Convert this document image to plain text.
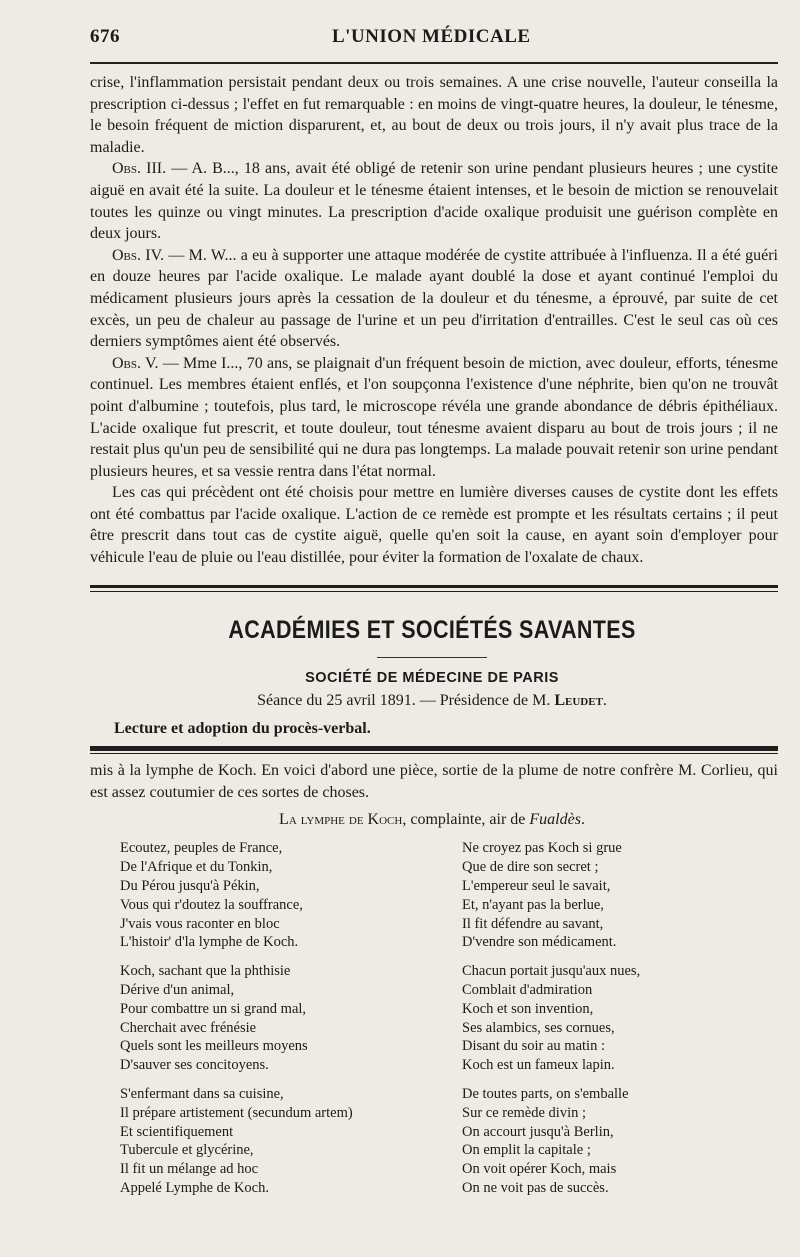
676	L'UNION MÉDICALE

crise, l'inflammation persistait pendant deux ou trois semaines. A une crise nouvelle, l'auteur conseilla la prescription ci-dessus ; l'effet en fut remarquable : en moins de vingt-quatre heures, la douleur, le ténesme, le besoin fréquent de miction disparurent, et, au bout de deux ou trois jours, il n'y avait plus trace de la maladie.

Obs. III. — A. B..., 18 ans, avait été obligé de retenir son urine pendant plusieurs heures ; une cystite aiguë en avait été la suite. La douleur et le ténesme étaient intenses, et le besoin de miction se renouvelait toutes les quinze ou vingt minutes. La prescription d'acide oxalique produisit une guérison complète en deux jours.

Obs. IV. — M. W... a eu à supporter une attaque modérée de cystite attribuée à l'influenza. Il a été guéri en douze heures par l'acide oxalique. Le malade ayant doublé la dose et ayant continué l'emploi du médicament plusieurs jours après la cessation de la douleur et du ténesme, a éprouvé, par suite de cet excès, un peu de chaleur au passage de l'urine et un peu d'irritation d'entrailles. C'est le seul cas où ces derniers symptômes aient été observés.

Obs. V. — Mme I..., 70 ans, se plaignait d'un fréquent besoin de miction, avec douleur, efforts, ténesme continuel. Les membres étaient enflés, et l'on soupçonna l'existence d'une néphrite, bien qu'on ne trouvât point d'albumine ; toutefois, plus tard, le microscope révéla une grande abondance de débris épithéliaux. L'acide oxalique fut prescrit, et toute douleur, tout ténesme avaient disparu au bout de trois jours ; il ne restait plus qu'un peu de sensibilité qui ne dura pas longtemps. La malade pouvait retenir son urine pendant plusieurs heures, et sa vessie rentra dans l'état normal.

Les cas qui précèdent ont été choisis pour mettre en lumière diverses causes de cystite dont les effets ont été combattus par l'acide oxalique. L'action de ce remède est prompte et les résultats certains ; il peut être prescrit dans tout cas de cystite aiguë, quelle qu'en soit la cause, en ayant soin d'employer pour véhicule l'eau de pluie ou l'eau distillée, pour éviter la formation de l'oxalate de chaux.

ACADÉMIES ET SOCIÉTÉS SAVANTES
SOCIÉTÉ DE MÉDECINE DE PARIS
Séance du 25 avril 1891. — Présidence de M. Leudet.
Lecture et adoption du procès-verbal.

mis à la lymphe de Koch. En voici d'abord une pièce, sortie de la plume de notre confrère M. Corlieu, qui est assez coutumier de ces sortes de choses.

La lymphe de Koch, complainte, air de Fualdès.
Ecoutez, peuples de France,
De l'Afrique et du Tonkin,
Du Pérou jusqu'à Pékin,
Vous qui r'doutez la souffrance,
J'vais vous raconter en bloc
L'histoir' d'la lymphe de Koch.
Koch, sachant que la phthisie
Dérive d'un animal,
Pour combattre un si grand mal,
Cherchait avec frénésie
Quels sont les meilleurs moyens
D'sauver ses concitoyens.
S'enfermant dans sa cuisine,
Il prépare artistement (secundum artem)
Et scientifiquement
Tubercule et glycérine,
Il fit un mélange ad hoc
Appelé Lymphe de Koch.
Ne croyez pas Koch si grue
Que de dire son secret ;
L'empereur seul le savait,
Et, n'ayant pas la berlue,
Il fit défendre au savant,
D'vendre son médicament.
Chacun portait jusqu'aux nues,
Comblait d'admiration
Koch et son invention,
Ses alambics, ses cornues,
Disant du soir au matin :
Koch est un fameux lapin.
De toutes parts, on s'emballe
Sur ce remède divin ;
On accourt jusqu'à Berlin,
On emplit la capitale ;
On voit opérer Koch, mais
On ne voit pas de succès.
